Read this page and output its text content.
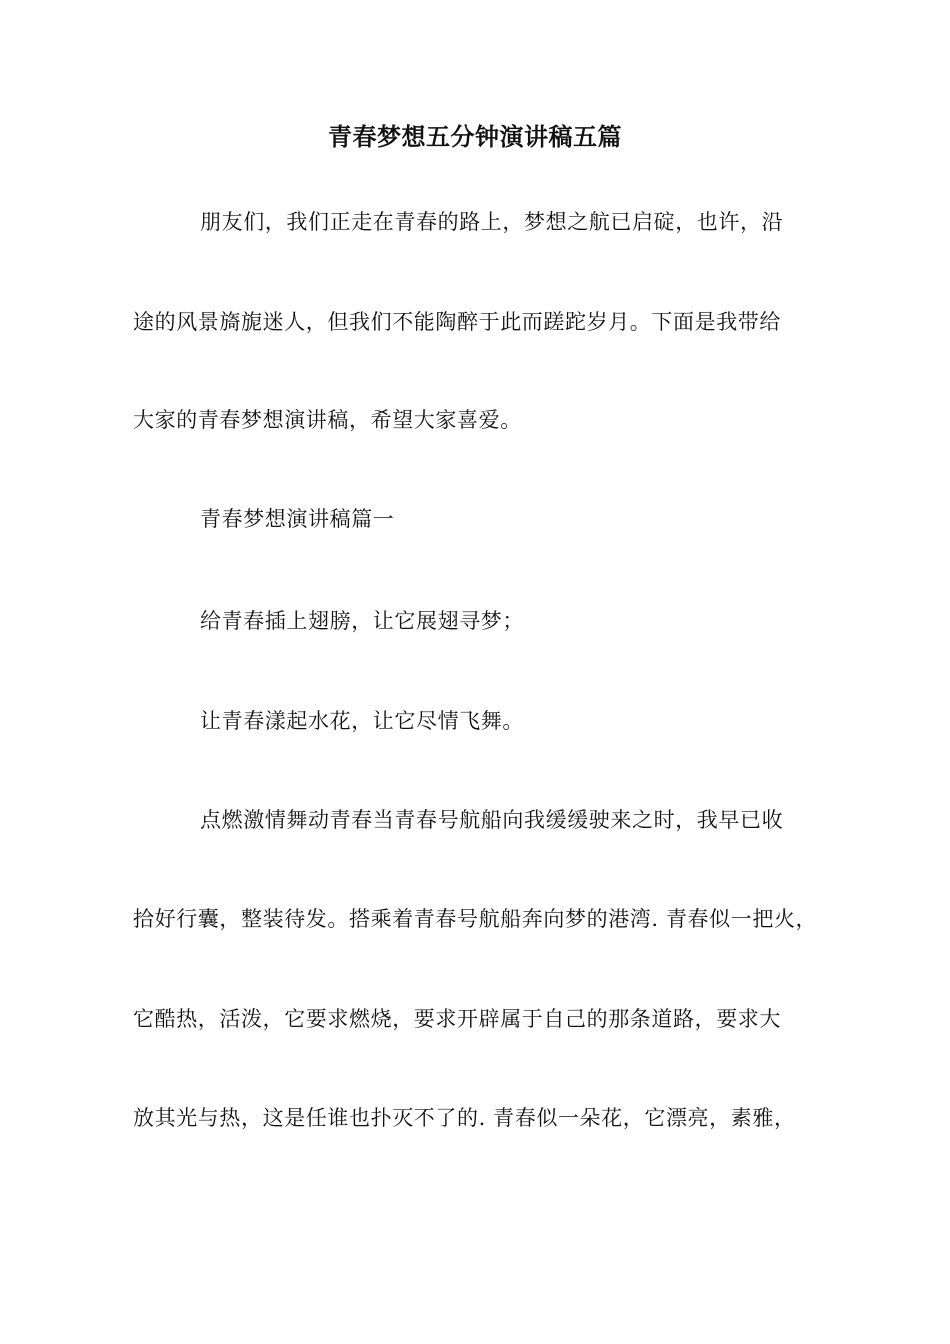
青春梦想五分钟演讲稿五篇
朋友们，我们正走在青春的路上，梦想之航已启碇，也许，沿
途的风景旖旎迷人，但我们不能陶醉于此而蹉跎岁月。下面是我带给
大家的青春梦想演讲稿，希望大家喜爱。
青春梦想演讲稿篇一
给青春插上翅膀，让它展翅寻梦；
让青春漾起水花，让它尽情飞舞。
点燃激情舞动青春当青春号航船向我缓缓驶来之时，我早已收
拾好行囊，整装待发。搭乘着青春号航船奔向梦的港湾. 青春似一把火，
它酷热，活泼，它要求燃烧，要求开辟属于自己的那条道路，要求大
放其光与热，这是任谁也扑灭不了的. 青春似一朵花，它漂亮，素雅，
